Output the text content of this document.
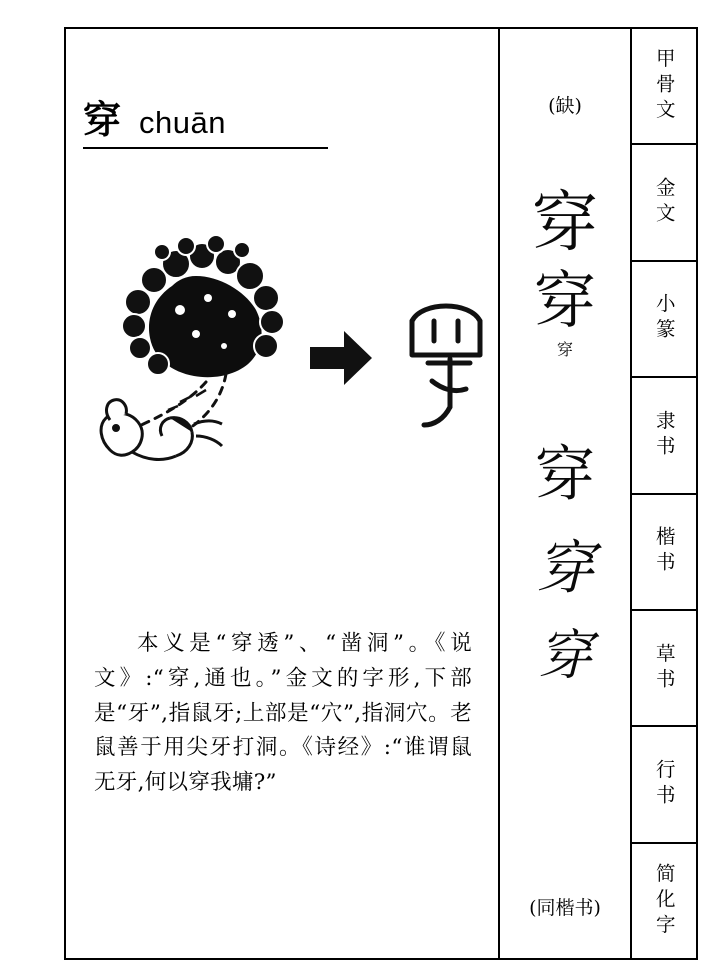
穿 chuān
本义是“穿透”、“凿洞”。《说文》:“穿,通也。”金文的字形,下部是“牙”,指鼠牙;上部是“穴”,指洞穴。老鼠善于用尖牙打洞。《诗经》:“谁谓鼠无牙,何以穿我墉?”
(缺)
穿
穿
穿
穿
穿
穿
(同楷书)
甲骨文
金文
小篆
隶书
楷书
草书
行书
简化字
